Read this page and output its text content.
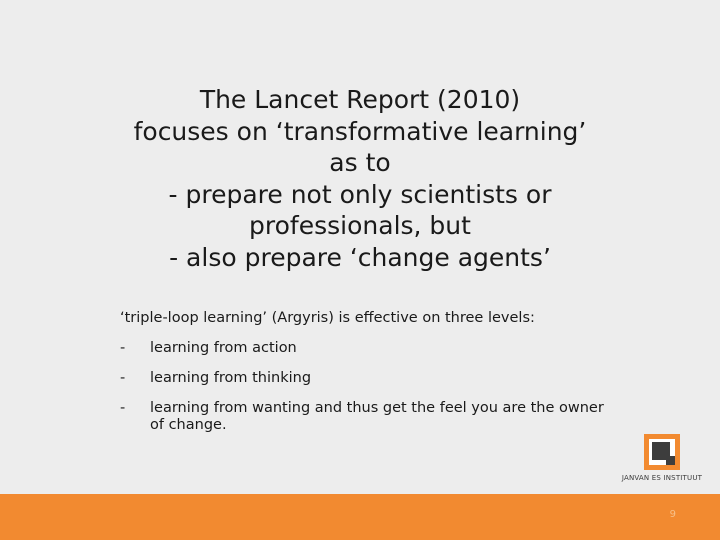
The Lancet Report (2010)
focuses on ‘transformative learning’
as to
- prepare not only scientists or
professionals, but
- also prepare ‘change agents’
‘triple-loop learning’ (Argyris) is effective on three levels:
-	learning from action
-	learning from thinking
-	learning from wanting and thus get the feel you are the owner of change.
JANVAN ES INSTITUUT
9
